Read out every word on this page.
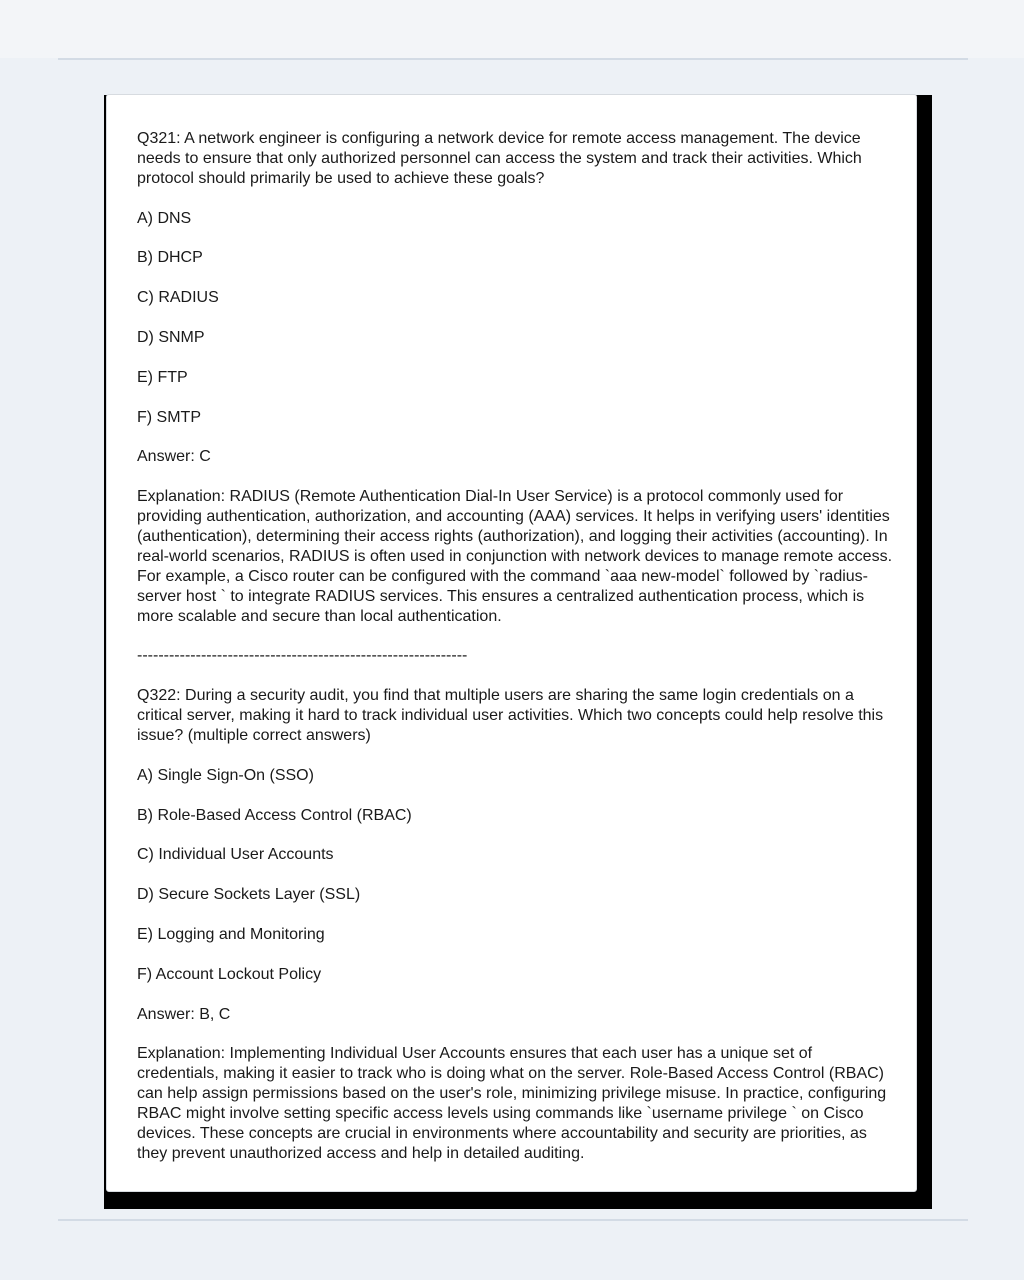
Q321: A network engineer is configuring a network device for remote access management. The device needs to ensure that only authorized personnel can access the system and track their activities. Which protocol should primarily be used to achieve these goals?

A) DNS

B) DHCP

C) RADIUS

D) SNMP

E) FTP

F) SMTP

Answer: C

Explanation: RADIUS (Remote Authentication Dial-In User Service) is a protocol commonly used for providing authentication, authorization, and accounting (AAA) services. It helps in verifying users' identities (authentication), determining their access rights (authorization), and logging their activities (accounting). In real-world scenarios, RADIUS is often used in conjunction with network devices to manage remote access. For example, a Cisco router can be configured with the command `aaa new-model` followed by `radius-server host ` to integrate RADIUS services. This ensures a centralized authentication process, which is more scalable and secure than local authentication.

--------------------------------------------------------------

Q322: During a security audit, you find that multiple users are sharing the same login credentials on a critical server, making it hard to track individual user activities. Which two concepts could help resolve this issue? (multiple correct answers)

A) Single Sign-On (SSO)

B) Role-Based Access Control (RBAC)

C) Individual User Accounts

D) Secure Sockets Layer (SSL)

E) Logging and Monitoring

F) Account Lockout Policy

Answer: B, C

Explanation: Implementing Individual User Accounts ensures that each user has a unique set of credentials, making it easier to track who is doing what on the server. Role-Based Access Control (RBAC) can help assign permissions based on the user's role, minimizing privilege misuse. In practice, configuring RBAC might involve setting specific access levels using commands like `username privilege ` on Cisco devices. These concepts are crucial in environments where accountability and security are priorities, as they prevent unauthorized access and help in detailed auditing.
